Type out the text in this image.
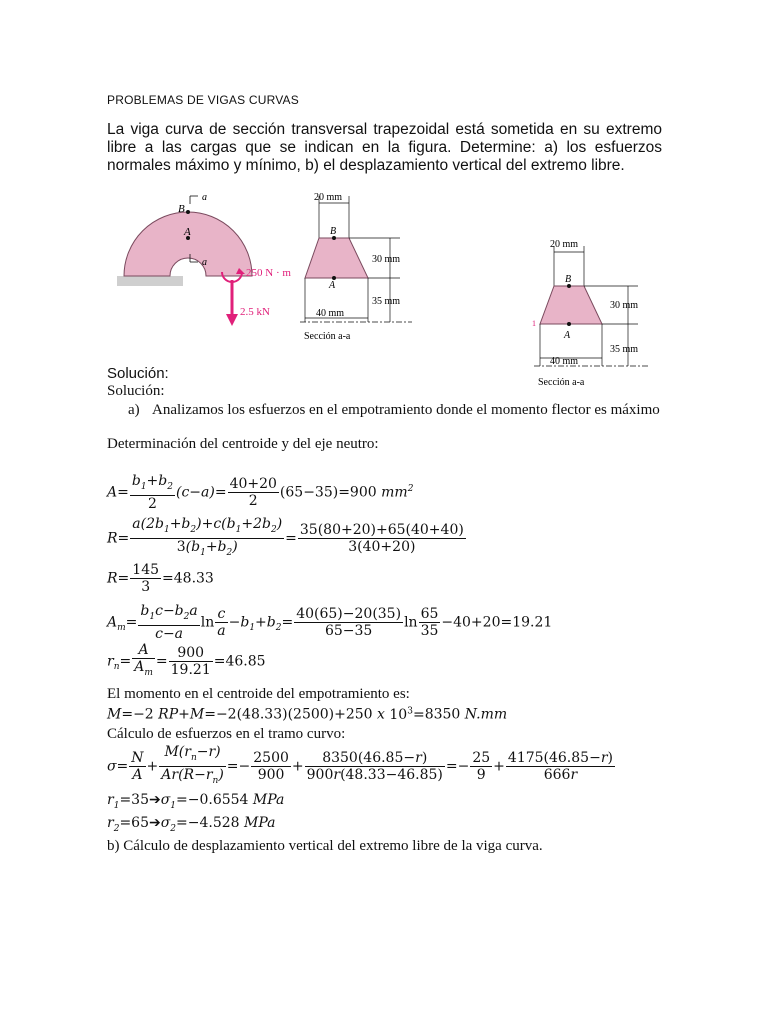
PROBLEMAS DE VIGAS CURVAS
La viga curva de sección transversal trapezoidal está sometida en su extremo libre a las cargas que se indican en la figura. Determine: a) los esfuerzos normales máximo y mínimo, b) el desplazamiento vertical del extremo libre.
B
A
a
a
250 N · m
2.5 kN
20 mm
B
A
30 mm
35 mm
40 mm
Sección a-a
20 mm
B
A
1
30 mm
35 mm
40 mm
Sección a-a
Solución:
Solución:
a) Analizamos los esfuerzos en el empotramiento donde el momento flector es máximo
Determinación del centroide y del eje neutro:
$A= \frac{b_1+b_2}{2} (c-a)= \frac{40+20}{2} (65-35)=900$ $mm^2$
$R= \frac{a(2b_1+b_2)+c(b_1+2b_2)}{3(b_1+b_2)} = \frac{35(80+20)+65(40+40)}{3(40+20)}$
$R= \frac{145}{3} =48.33$
$A_m= \frac{b_1c-b_2a}{c-a}$ $\ln \frac{c}{a} -b_1+b_2= \frac{40(65)-20(35)}{65-35}$ $\ln \frac{65}{35} -40+20=19.21$
$r_n= \frac{A}{A_m} = \frac{900}{19.21} =46.85$
El momento en el centroide del empotramiento es:
M=−2 RP+M=−2(48.33)(2500)+250 x $10^3=8350$ N.mm
Cálculo de esfuerzos en el tramo curvo:
$\sigma= \frac{N}{A} + \frac{M(r_n-r)}{Ar(R-r_n)} =- \frac{2500}{900} + \frac{8350(46.85-r)}{900r(48.33-46.85)} =- \frac{25}{9} + \frac{4175(46.85-r)}{666r}$
$r_1=35➔\sigma_1=-0.6554$ MPa
$r_2=65➔\sigma_2=-4.528$ MPa
b) Cálculo de desplazamiento vertical del extremo libre de la viga curva.
